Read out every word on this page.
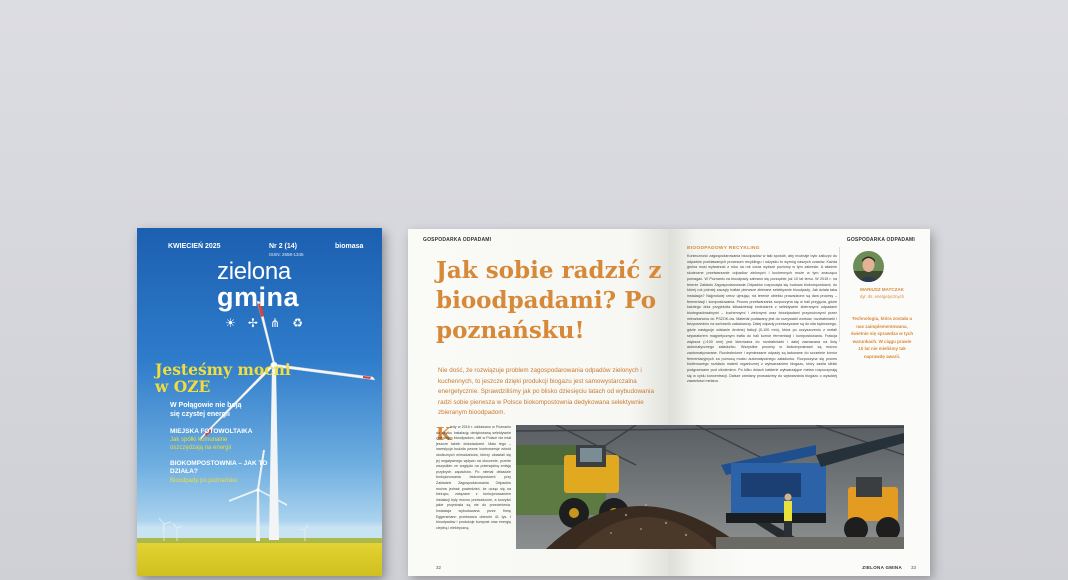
KWIECIEŃ 2025	Nr 2 (14)
ISSN: 2658-1345
biomasa
zielona
gmina
☀ ✢ ⋔ ♻
Jesteśmy mocni w OZE
W Połągowie nie boją się czystej energii
MIEJSKA FOTOWOLTAIKA
Jak spółki komunalne oszczędzają na energii
BIOKOMPOSTOWNIA – JAK TO DZIAŁA?
Bioodpady po poznańsku
GOSPODARKA ODPADAMI
Jak sobie radzić z bioodpadami? Po poznańsku!
Nie dość, że rozwiązuje problem zagospodarowania odpadów zielonych i kuchennych, to jeszcze dzięki produkcji biogazu jest samowystarczalna energetycznie. Sprawdziliśmy jak po blisko dziesięciu latach od wybudowania radzi sobie pierwsza w Polsce biokompostownia dedykowana selektywnie zbieranym bioodpadom.
K
iedy w 2016 r. oddawano w Poznaniu do użytku instalację dedykowaną selektywnie zbieranym bioodpadom, nikt w Polsce nie miał jeszcze takich doświadczeń. Mało tego – inwestycja budziła pewne kontrowersje wśród okolicznych mieszkańców, którzy obawiali się jej negatywnego wpływu na otoczenie, przede wszystkim ze względu na potencjalną emisję przykrych zapachów. Po niemal dekadzie funkcjonowania biokompostowni przy Zakładzie Zagospodarowania Odpadów można jednak powiedzieć, że ucząc się na bieżąco, związane z funkcjonowaniem instalacji były mocno przesadzone, a korzyści jakie przyniosła są nie do przecenienia. Instalacja wybudowana przez firmę Eggersmann przetwarza obecnie 41 tys. t bioodpadów i produkuje kompost oraz energię cieplną i elektryczną.
32
GOSPODARKA ODPADAMI
BIOODPADOWY RECYKLING
Konieczność zagospodarowania bioodpadów w taki sposób, aby możnaje było zaliczyć do odpadów poddawanych procesom recyklingu i odzysku to wymóg naszych czasów. Każda gmina musi wytwarzać z roku na rok coraz wyższe poziomy w tym zakresie. A właśnie skuteczne przetwarzanie odpadów zielonych i kuchennych może w tym znacząco pomagać. W Poznaniu za bioodpady zabrano się porządnie już 10 lat temu. W 2015 r. na terenie Zakładu Zagospodarowania Odpadów rozpoczęła się budowa biokompostowni, do której rok później zaczęły trafiać pierwsze zbierane selektywnie bioodpady. Jak działa taka instalacja? Najprościej rzecz ujmując, na terenie obiektu prowadzone są dwa procesy – fermentacji i kompostowania. Proces przetwarzania rozpoczyna się w hali przyjęcia, gdzie każdego dnia przyjeżdża kilkadziesiąt śmieciarek z selektywnie zbieranymi odpadami biodegradowalnymi – kuchennymi i zielonymi oraz bioodpadami przywożonymi przez mieszkańców do PSZOK-ów. Materiał podawany jest do rozrywarki worków, rozdrabniarki i bezpośrednio na sortownik załadowczy. Dalej odpady przekazywane są do sita bębnowego, gdzie następuje odsianie drobnej frakcji (0-100 mm), która po oczyszczeniu z metali separatorem magnetycznym trafia do hali komór fermentacji i kompostowania. Frakcja większa (>100 mm) jest kierowana do rozdrabniarki i dalej zawracana na linię automatycznego załadunku. Wszystkie procesy w biokompostowni są mocno zautomatyzowane. Rozdrobnione i wymieszane odpady są ładowane do szczelnie komór fermentacyjnych za pomocą mostu automatycznego załadunku. Rozpoczyna się proces biotlenowego rozkładu materii organicznej z wytwarzaniem biogazu, który zasila silniki podgrzewane pod ciśnieniem. Po kilku dniach bakterie wytwarzające metan rozpoczynają się w cyklu koncentracji. Dalsze zamiany prowadzimy do wytwarzania biogazu o wysokiej zawartości metanu.
MARIUSZ MATCZAK
dyr. ds. energetycznych
Technologia, która została u nas zaimplementowana, świetnie się sprawdza w tych warunkach. W ciągu prawie 10 lat nie mieliśmy tak naprawdę awarii.
ZIELONA GMINA 33
